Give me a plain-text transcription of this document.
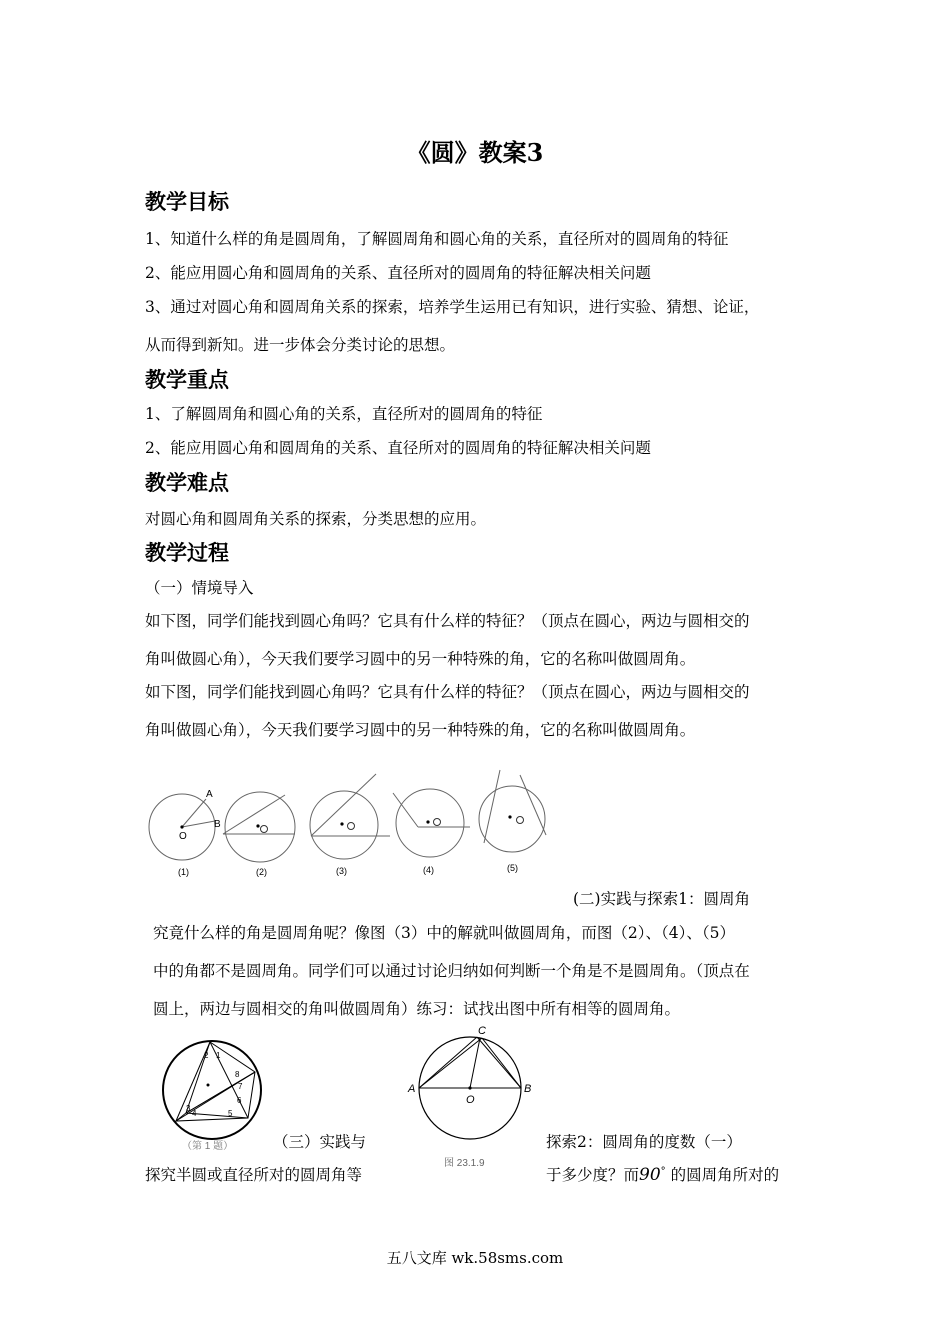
《圆》教案3
教学目标
1、知道什么样的角是圆周角，了解圆周角和圆心角的关系，直径所对的圆周角的特征
2、能应用圆心角和圆周角的关系、直径所对的圆周角的特征解决相关问题
3、通过对圆心角和圆周角关系的探索，培养学生运用已有知识，进行实验、猜想、论证，
从而得到新知。进一步体会分类讨论的思想。
教学重点
1、了解圆周角和圆心角的关系，直径所对的圆周角的特征
2、能应用圆心角和圆周角的关系、直径所对的圆周角的特征解决相关问题
教学难点
对圆心角和圆周角关系的探索，分类思想的应用。
教学过程
（一）情境导入
如下图，同学们能找到圆心角吗？它具有什么样的特征？（顶点在圆心，两边与圆相交的
角叫做圆心角），今天我们要学习圆中的另一种特殊的角，它的名称叫做圆周角。
如下图，同学们能找到圆心角吗？它具有什么样的特征？（顶点在圆心，两边与圆相交的
角叫做圆心角），今天我们要学习圆中的另一种特殊的角，它的名称叫做圆周角。
A
B
O
(1)	(2)	(3)	(4)	(5)
(二)实践与探索1：圆周角
究竟什么样的角是圆周角呢？像图（3）中的解就叫做圆周角，而图（2）、（4）、（5）
中的角都不是圆周角。同学们可以通过讨论归纳如何判断一个角是不是圆周角。（顶点在
圆上，两边与圆相交的角叫做圆周角）练习：试找出图中所有相等的圆周角。
1
2
3
4	5
6
7
8
（第 1 题）	（三）实践与
A	B
C
O
图 23.1.9
探索2：圆周角的度数（一）
探究半圆或直径所对的圆周角等	于多少度？而90° 的圆周角所对的
五八文库 wk.58sms.com
